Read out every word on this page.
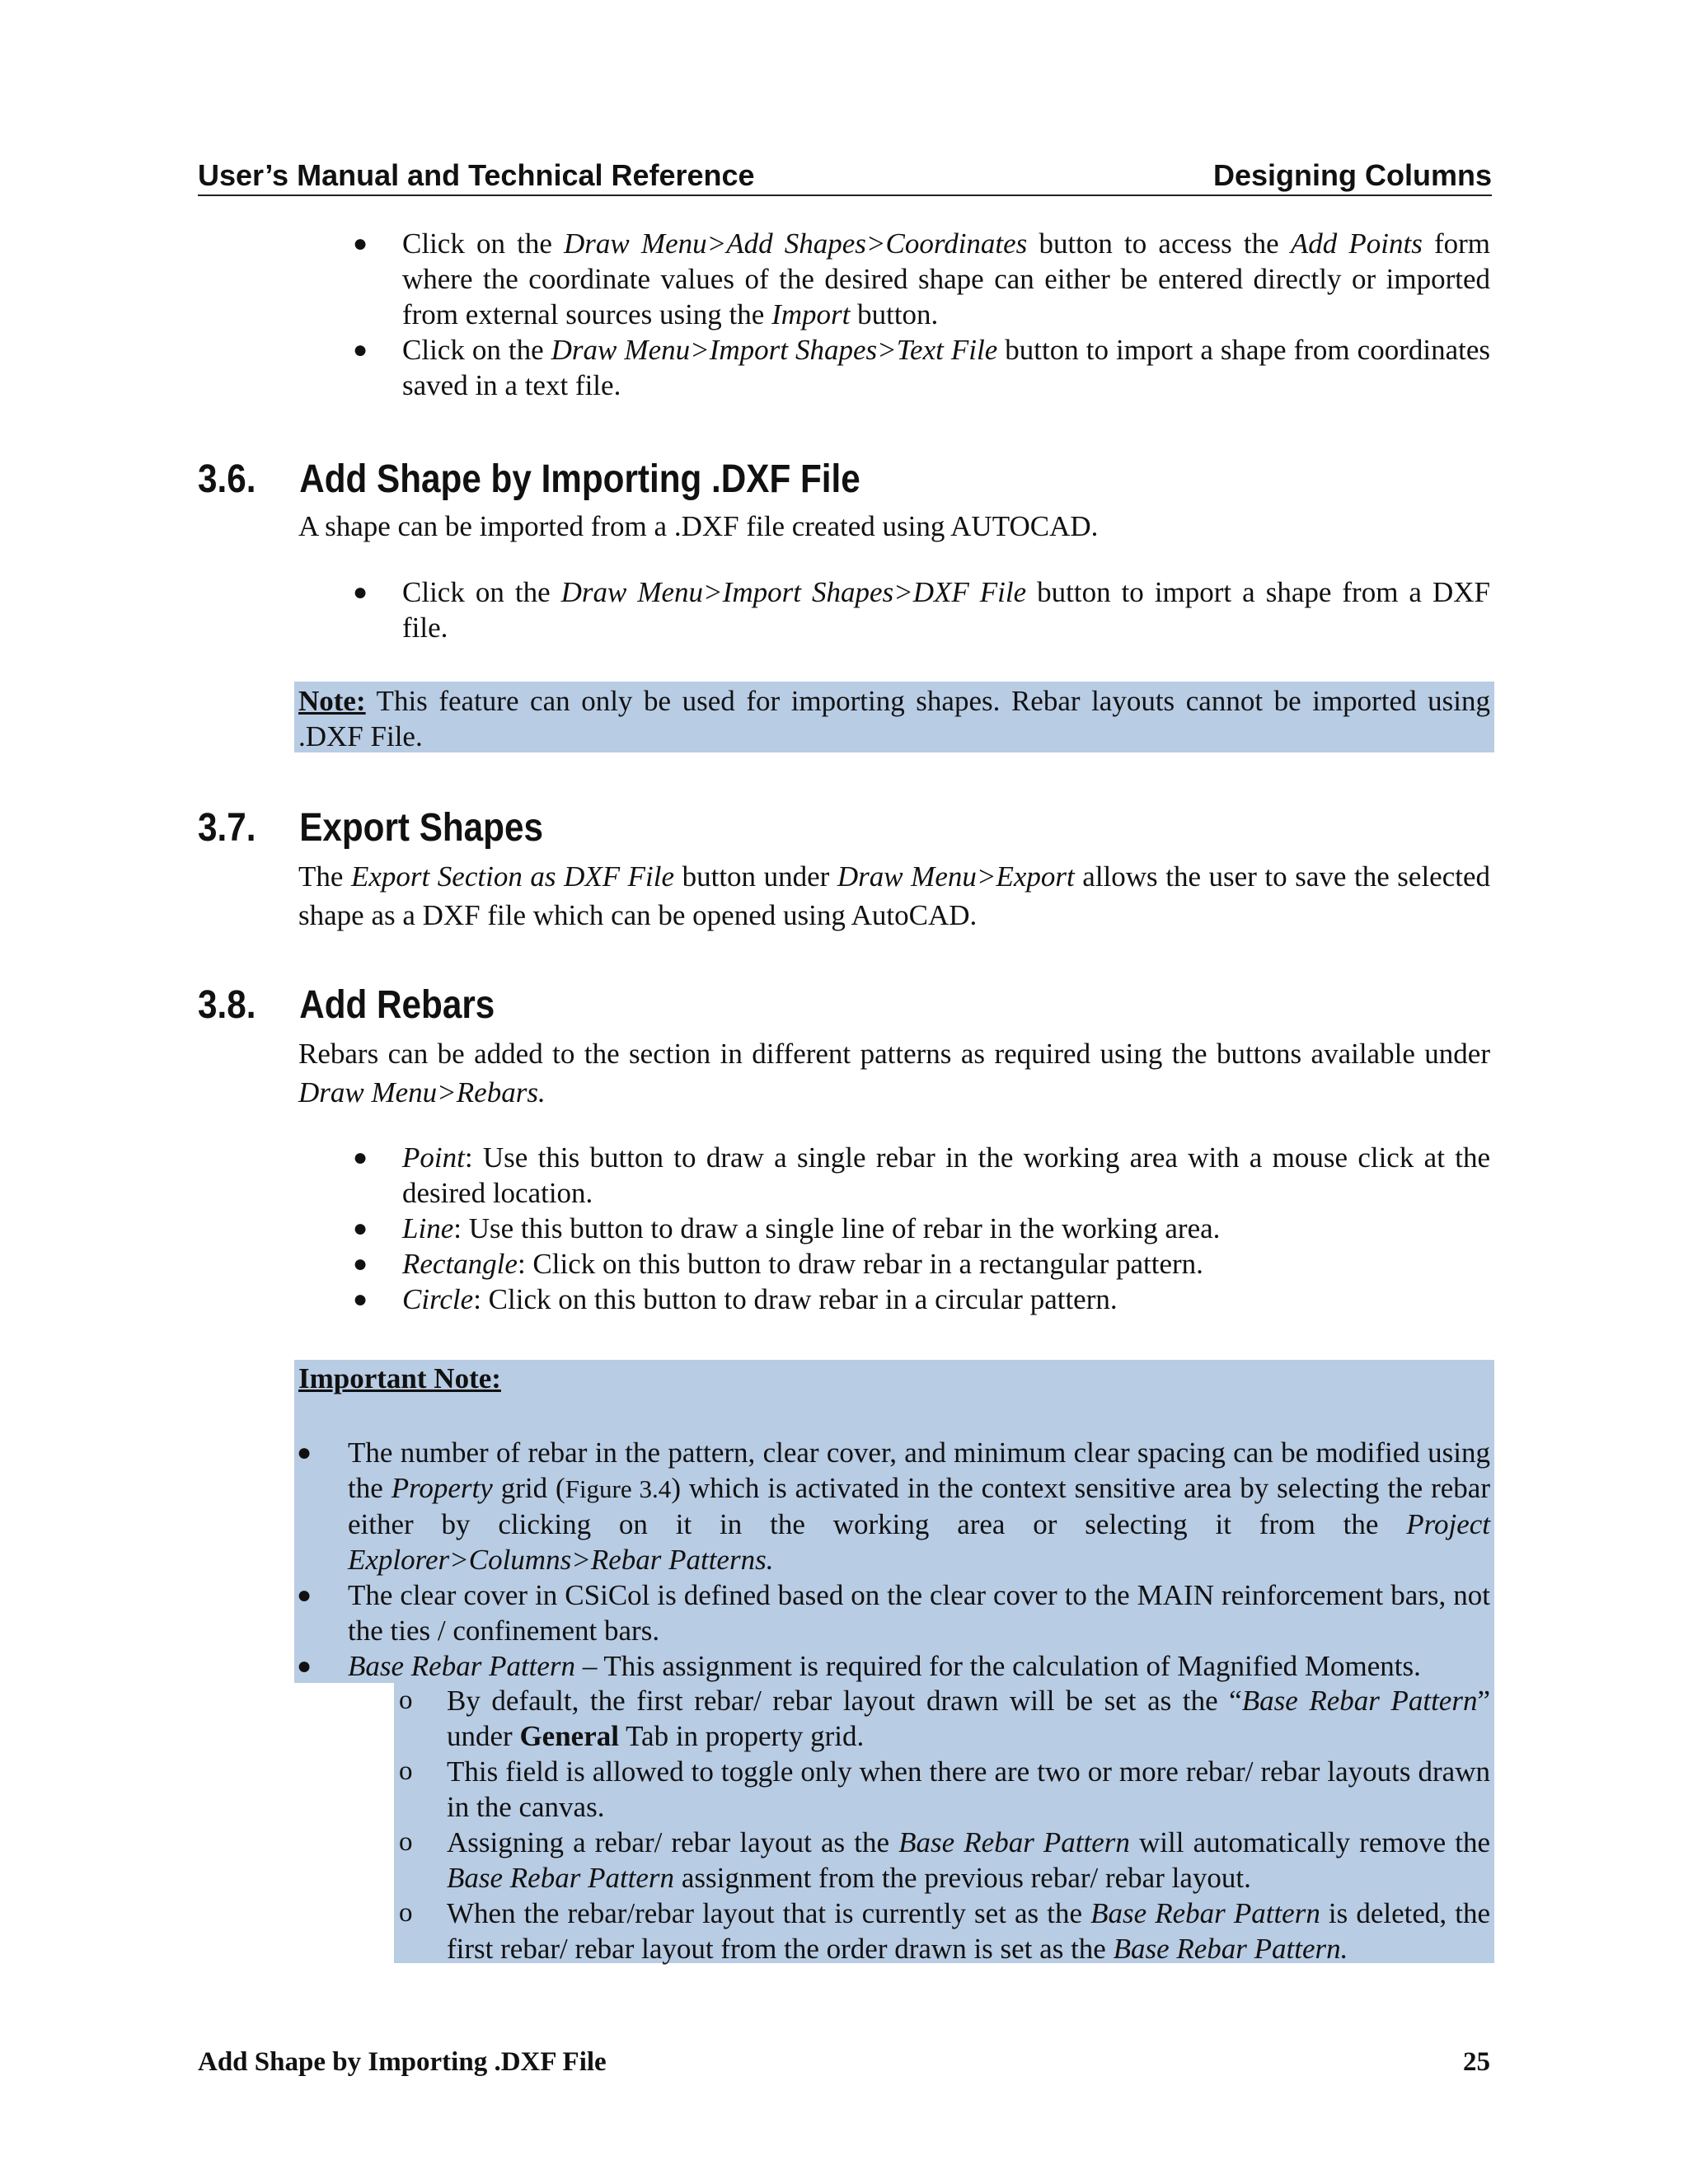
User’s Manual and Technical Reference	Designing Columns
● Click on the Draw Menu>Add Shapes>Coordinates button to access the Add Points form where the coordinate values of the desired shape can either be entered directly or imported from external sources using the Import button.
● Click on the Draw Menu>Import Shapes>Text File button to import a shape from coordinates saved in a text file.
3.6. Add Shape by Importing .DXF File

A shape can be imported from a .DXF file created using AUTOCAD.

● Click on the Draw Menu>Import Shapes>DXF File button to import a shape from a DXF file.
Note: This feature can only be used for importing shapes. Rebar layouts cannot be imported using .DXF File.
3.7. Export Shapes

The Export Section as DXF File button under Draw Menu>Export allows the user to save the selected shape as a DXF file which can be opened using AutoCAD.

3.8. Add Rebars

Rebars can be added to the section in different patterns as required using the buttons available under Draw Menu>Rebars.

● Point: Use this button to draw a single rebar in the working area with a mouse click at the desired location.
● Line: Use this button to draw a single line of rebar in the working area.
● Rectangle: Click on this button to draw rebar in a rectangular pattern.
● Circle: Click on this button to draw rebar in a circular pattern.

Important Note:

● The number of rebar in the pattern, clear cover, and minimum clear spacing can be modified using the Property grid (Figure 3.4) which is activated in the context sensitive area by selecting the rebar either by clicking on it in the working area or selecting it from the Project Explorer>Columns>Rebar Patterns.
● The clear cover in CSiCol is defined based on the clear cover to the MAIN reinforcement bars, not the ties / confinement bars.
● Base Rebar Pattern – This assignment is required for the calculation of Magnified Moments.
o By default, the first rebar/ rebar layout drawn will be set as the “Base Rebar Pattern” under General Tab in property grid.
o This field is allowed to toggle only when there are two or more rebar/ rebar layouts drawn in the canvas.
o Assigning a rebar/ rebar layout as the Base Rebar Pattern will automatically remove the Base Rebar Pattern assignment from the previous rebar/ rebar layout.
o When the rebar/rebar layout that is currently set as the Base Rebar Pattern is deleted, the first rebar/ rebar layout from the order drawn is set as the Base Rebar Pattern.
Add Shape by Importing .DXF File	25
